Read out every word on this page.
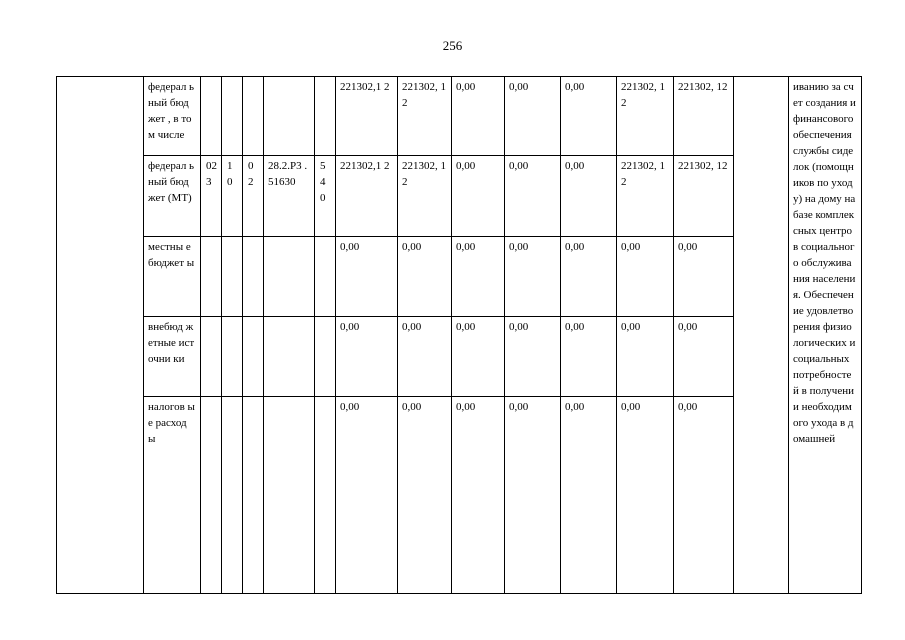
256
	федерал ьный бюджет , в том числе						221302,1 2	221302, 12	0,00	0,00	0,00	221302, 12	221302, 12		иванию за счет создания и финансового обеспечения службы сиделок (помощников по уходу) на дому на базе комплексных центров социального обслуживания населения. Обеспечение удовлетворения физиологических и социальных потребностей в получении необходимого ухода в домашней
	федерал ьный бюджет (МТ)	02 3	1 0	0 2	28.2.Р3 .51630	5 4 0	221302,1 2	221302, 12	0,00	0,00	0,00	221302, 12	221302, 12		
	местны е бюджет ы						0,00	0,00	0,00	0,00	0,00	0,00	0,00		
	внебюд жетные источни ки						0,00	0,00	0,00	0,00	0,00	0,00	0,00		
	налогов ые расход ы						0,00	0,00	0,00	0,00	0,00	0,00	0,00		
